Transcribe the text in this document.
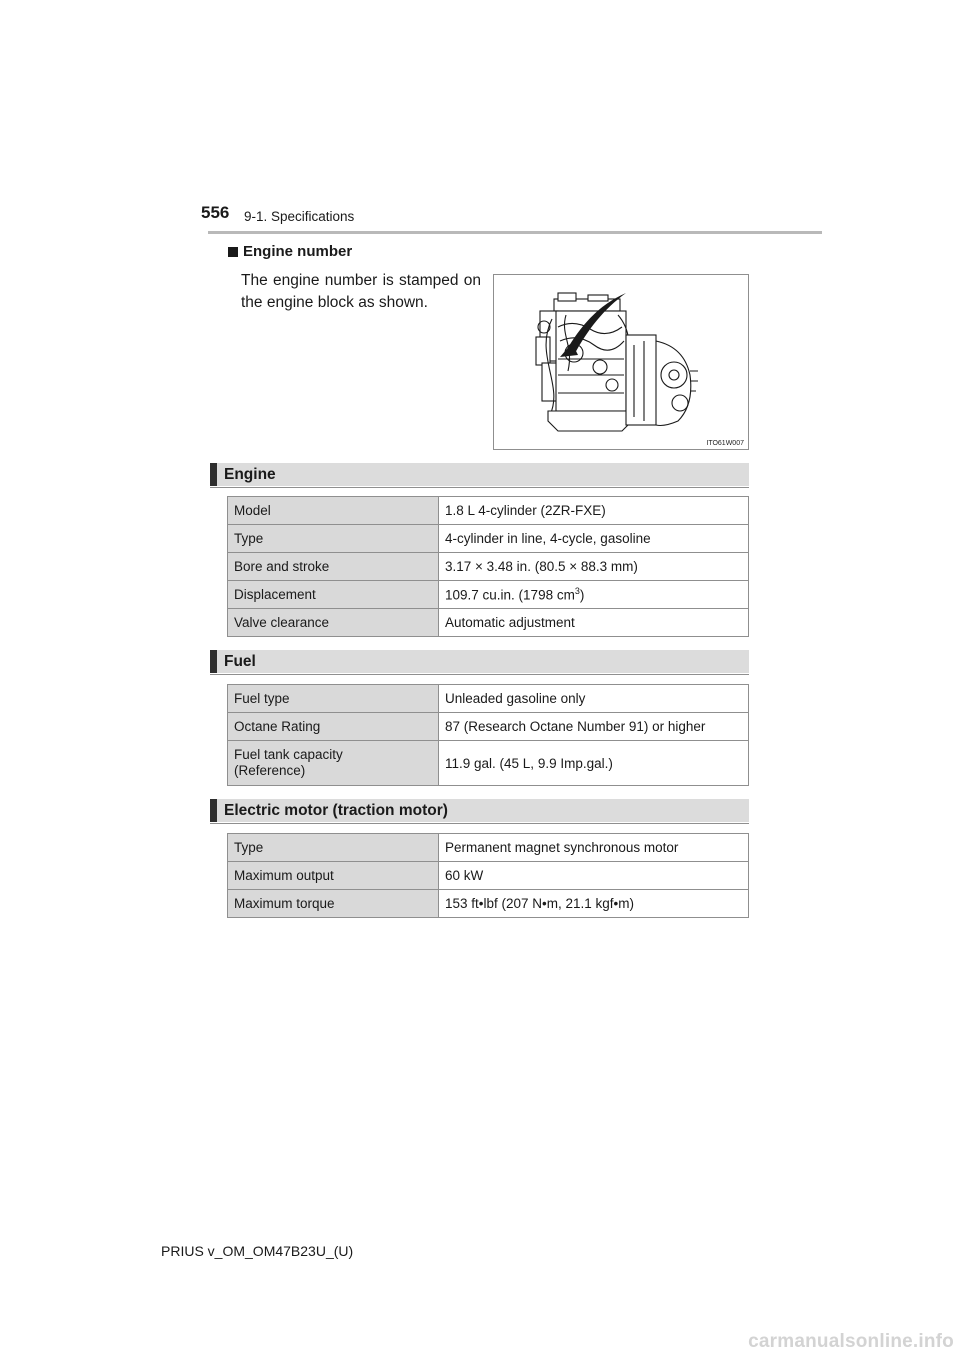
556 9-1. Specifications
Engine number
The engine number is stamped on the engine block as shown.
ITO61W007
Engine
Model	1.8 L 4-cylinder (2ZR-FXE)
Type	4-cylinder in line, 4-cycle, gasoline
Bore and stroke	3.17 × 3.48 in. (80.5 × 88.3 mm)
Displacement	109.7 cu.in. (1798 $cm^3$)
Valve clearance	Automatic adjustment
Fuel
Fuel type	Unleaded gasoline only
Octane Rating	87 (Research Octane Number 91) or higher
Fuel tank capacity
(Reference)	11.9 gal. (45 L, 9.9 Imp.gal.)
Electric motor (traction motor)
Type	Permanent magnet synchronous motor
Maximum output	60 kW
Maximum torque	153 ft•lbf (207 N•m, 21.1 kgf•m)
PRIUS v_OM_OM47B23U_(U)
carmanualsonline.info
